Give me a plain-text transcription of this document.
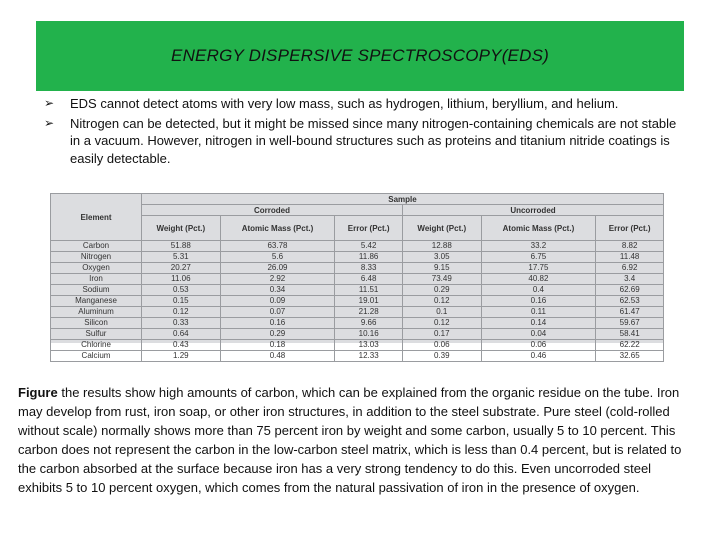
ENERGY DISPERSIVE SPECTROSCOPY(EDS)
➢	EDS cannot detect atoms with very low mass, such as hydrogen, lithium, beryllium, and helium.
➢	Nitrogen can be detected, but it might be missed since many nitrogen-containing chemicals are not stable in a vacuum. However, nitrogen in well-bound structures such as proteins and titanium nitride coatings is easily detectable.
Element	Sample					
	Corroded			Uncorroded		
	Weight (Pct.)	Atomic Mass (Pct.)	Error (Pct.)	Weight (Pct.)	Atomic Mass (Pct.)	Error (Pct.)
Carbon	51.88	63.78	5.42	12.88	33.2	8.82
Nitrogen	5.31	5.6	11.86	3.05	6.75	11.48
Oxygen	20.27	26.09	8.33	9.15	17.75	6.92
Iron	11.06	2.92	6.48	73.49	40.82	3.4
Sodium	0.53	0.34	11.51	0.29	0.4	62.69
Manganese	0.15	0.09	19.01	0.12	0.16	62.53
Aluminum	0.12	0.07	21.28	0.1	0.11	61.47
Silicon	0.33	0.16	9.66	0.12	0.14	59.67
Sulfur	0.64	0.29	10.16	0.17	0.04	58.41
Chlorine	0.43	0.18	13.03	0.06	0.06	62.22
Calcium	1.29	0.48	12.33	0.39	0.46	32.65
Figure the results show high amounts of carbon, which can be explained from the organic residue on the tube. Iron may develop from rust, iron soap, or other iron structures, in addition to the steel substrate. Pure steel (cold-rolled without scale) normally shows more than 75 percent iron by weight and some carbon, usually 5 to 10 percent. This carbon does not represent the carbon in the low-carbon steel matrix, which is less than 0.4 percent, but is related to the carbon absorbed at the surface because iron has a very strong tendency to do this. Even uncorroded steel exhibits 5 to 10 percent oxygen, which comes from the natural passivation of iron in the presence of oxygen.
